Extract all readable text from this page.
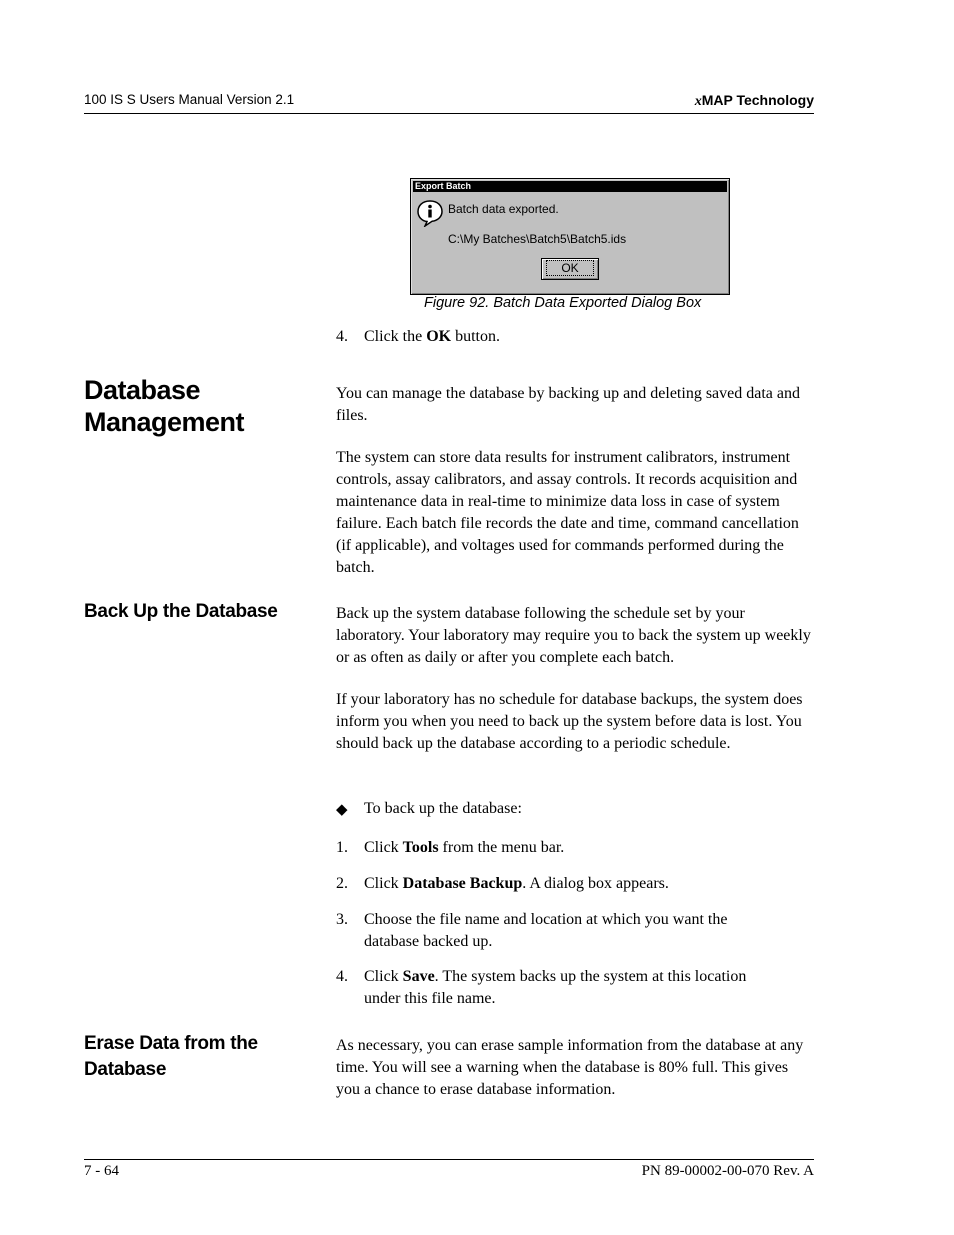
100 IS S Users Manual Version 2.1	xMAP Technology
Export Batch
Batch data exported.
C:\My Batches\Batch5\Batch5.ids
OK
Figure 92. Batch Data Exported Dialog Box
4. Click the OK button.
Database
Management
You can manage the database by backing up and deleting saved data and files.
The system can store data results for instrument calibrators, instrument controls, assay calibrators, and assay controls. It records acquisition and maintenance data in real-time to minimize data loss in case of system failure. Each batch file records the date and time, command cancellation (if applicable), and voltages used for commands performed during the batch.
Back Up the Database	Back up the system database following the schedule set by your laboratory. Your laboratory may require you to back the system up weekly or as often as daily or after you complete each batch.
If your laboratory has no schedule for database backups, the system does inform you when you need to back up the system before data is lost. You should back up the database according to a periodic schedule.
◆ To back up the database:
1. Click Tools from the menu bar.
2. Click Database Backup. A dialog box appears.
3. Choose the file name and location at which you want the database backed up.
4. Click Save. The system backs up the system at this location under this file name.
Erase Data from the Database
As necessary, you can erase sample information from the database at any time. You will see a warning when the database is 80% full. This gives you a chance to erase database information.
7 - 64	PN 89-00002-00-070 Rev. A
